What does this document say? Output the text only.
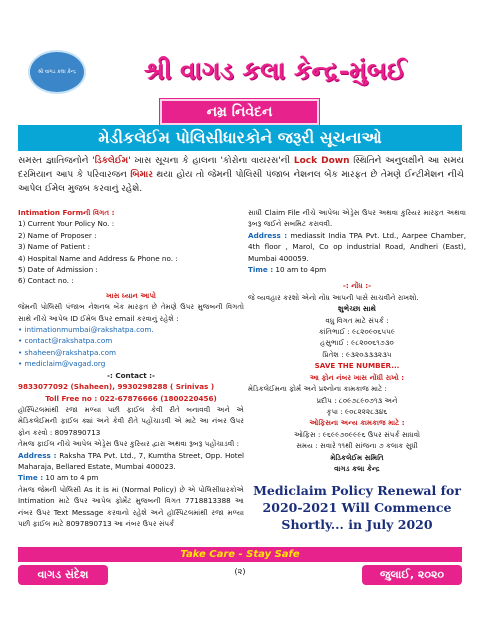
શ્રી વાગડ કલા કેન્દ્ર	શ્રી વાગડ કલા કેન્દ્ર-મુંબઈ
નમ્ર નિવેદન
મેડીકલેઈમ પોલિસીધારકોને જરૂરી સૂચનાઓ
સમસ્ત જ્ઞાતિજનોને 'ડિકલેઈમ' ખાસ સૂચના કે હાલના 'કોરોના વાયરસ'ની Lock Down સ્થિતિને અનુલક્ષીને આ સમય દરમિયાન આપ કે પરિવારજન બિમાર થયા હોય તો જેમની પોલિસી પંજાબ નેશનલ બેંક મારફત છે તેમણે ઈન્ટીમેશન નીચે આપેલ ઈમેલ મુજબ કરવાનું રહેશે.
Intimation Formની વિગત :
1) Current Your Policy No. :
2) Name of Proposer :
3) Name of Patient :
4) Hospital Name and Address & Phone no. :
5) Date of Admission :
6) Contact no. :
ખાસ ધ્યાન આપો
જેમની પોલિસી પંજાબ નેશનલ બેંક મારફત છે તેમણે ઉપર મુજબની વિગતો સાથે નીચે આપેલ ID ઈમેલ ઉપર email કરવાનું રહેશે :
• intimationmumbai@rakshatpa.com.
• contact@rakshatpa.com
• shaheen@rakshatpa.com
• mediclaim@vagad.org
-: Contact :-
9833077092 (Shaheen), 9930298288 ( Srinivas )
Toll Free no : 022-67876666 (1800220456)
હૉસ્પિટલમાંથી રજા મળ્યા પછી ફાઈલ કેવી રીતે બનાવવી અને એ મેડિકલેઈમની ફાઈલ ક્યાં અને કેવી રીતે પહોંચાડવી એ માટે આ નંબર ઉપર ફોન કરવો : 8097890713
તેમજ ફાઈલ નીચે આપેલ એડ્રેસ ઉપર કુરિયર દ્વારા અથવા રૂબરૂ પહોંચાડવી :
Address : Raksha TPA Pvt. Ltd., 7, Kumtha Street, Opp. Hotel Maharaja, Bellared Estate, Mumbai 400023.
Time : 10 am to 4 pm
તેમજ જેમની પોલિસી As it is માં (Normal Policy) છે એ પોલિસીધારકોએ Intimation માટે ઉપર આપેલ ફોર્મેટ મુજબની વિગત 7718813388 આ નંબર ઉપર Text Message કરવાનો રહેશે અને હૉસ્પિટલમાંથી રજા મળ્યા પછી ફાઈલ માટે 8097890713 આ નંબર ઉપર સંપર્ક
સાધી Claim File નીચે આપેલા એડ્રેસ ઉપર અથવા કુરિયર મારફત અથવા રૂબરૂ જઈને સબમિટ કરાવવી.
Address : mediassit India TPA Pvt. Ltd., Aarpee Chamber, 4th floor , Marol, Co op industrial Road, Andheri (East), Mumbai 400059.
Time : 10 am to 4pm
-: નોંધ :-
જે વ્યવહાર કરશો એનો નોંધ આપની પાસે સાચવીને રાખશો.
શુભેચ્છા સાથે
વધુ વિગત માટે સંપર્ક :
કાંતિભાઈ : ૯૮૨૦૯૦૬૫૫૯
હસુભાઈ : ૯૮૨૦૦૬૧૭૩૦
પ્રિતેશ : ૯૩૨૦૩૩૩૨૩૫
SAVE THE NUMBER...
આ ફોન નંબર ખાસ નોંધી રાખો :
મેડિકલેઈમના ફોર્મ અને પ્રશ્નોના કામકાજ માટે :
પ્રદીપ : ૮૦૯૭૮૯૦૭૧૩ અને
કૃપા : ૯૦૮૨૨૨૮૩૪૬
ઓફિસના અન્ય કામકાજ માટે :
ઓફિસ : ૯૬૯૯૭૦૯૯૯૬ ઉપર સંપર્ક સાધવો
સમય : સવારે ૧૧થી સાંજના ૭ કલાક સુધી
મેડિકલેઈમ સમિતિ
વાગડ કલા કેન્દ્ર
Mediclaim Policy Renewal for 2020-2021 Will Commence Shortly... in July 2020
Take Care - Stay Safe
વાગડ સંદેશ	(૨)	જુલાઈ, ૨૦૨૦
